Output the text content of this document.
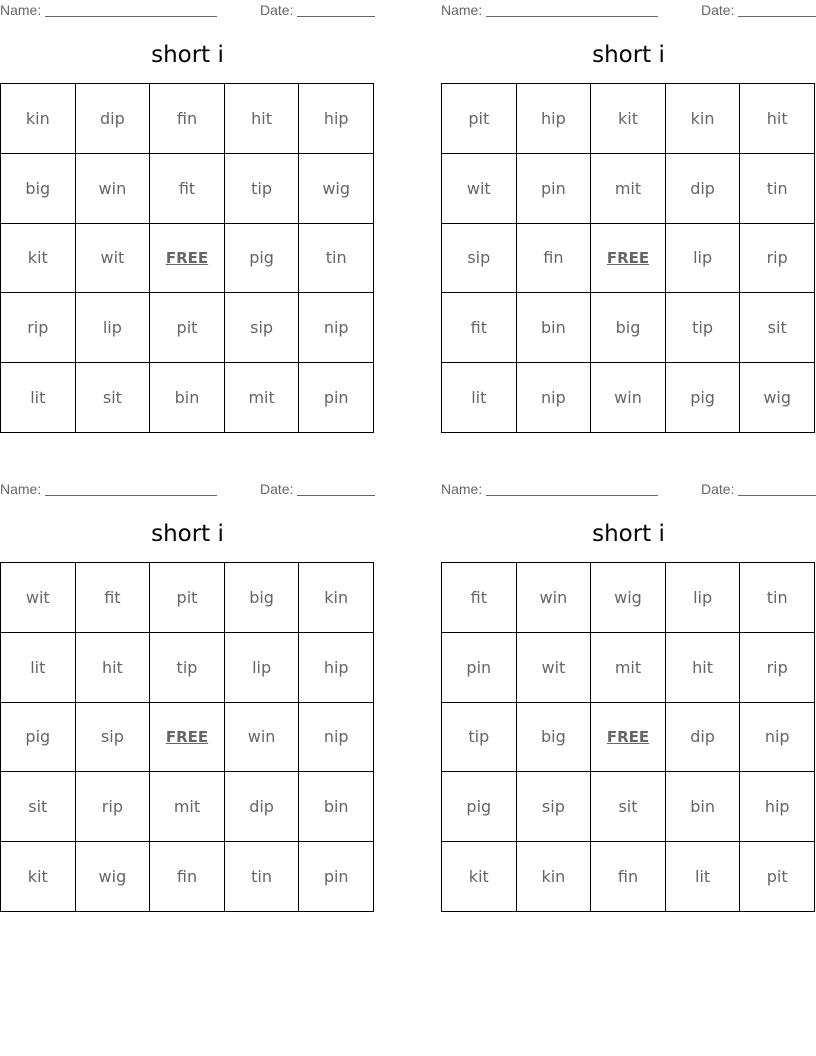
Name:	Date:
short i
kin	dip	fin	hit	hip
big	win	fit	tip	wig
kit	wit	FREE	pig	tin
rip	lip	pit	sip	nip
lit	sit	bin	mit	pin
Name:	Date:
short i
pit	hip	kit	kin	hit
wit	pin	mit	dip	tin
sip	fin	FREE	lip	rip
fit	bin	big	tip	sit
lit	nip	win	pig	wig
Name:	Date:
short i
wit	fit	pit	big	kin
lit	hit	tip	lip	hip
pig	sip	FREE	win	nip
sit	rip	mit	dip	bin
kit	wig	fin	tin	pin
Name:	Date:
short i
fit	win	wig	lip	tin
pin	wit	mit	hit	rip
tip	big	FREE	dip	nip
pig	sip	sit	bin	hip
kit	kin	fin	lit	pit
